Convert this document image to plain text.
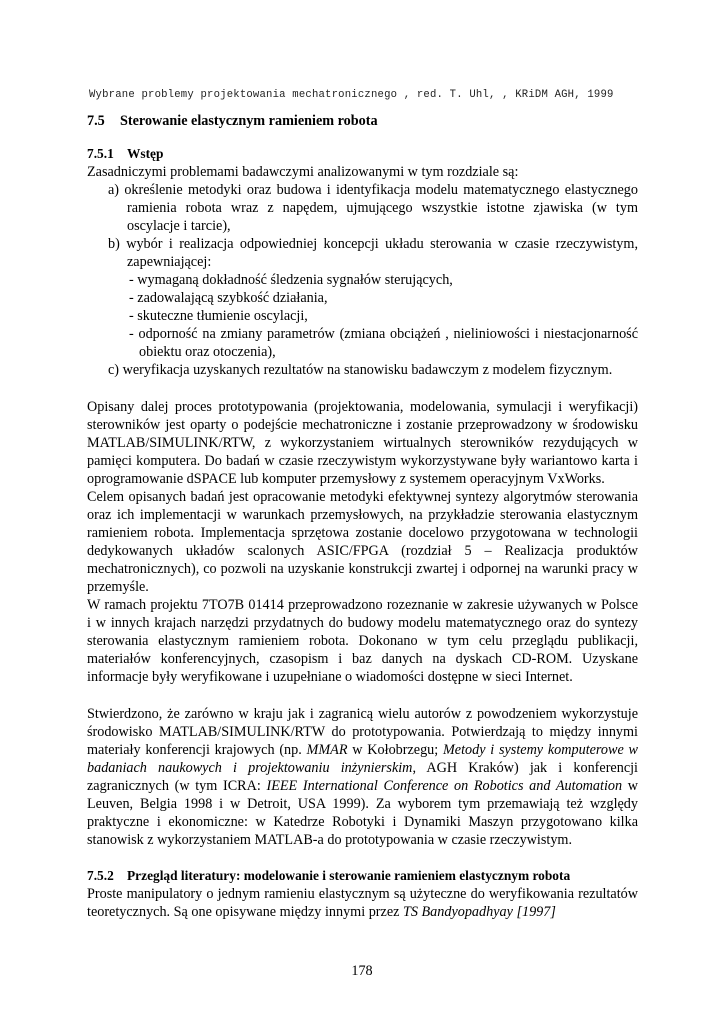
Wybrane problemy projektowania mechatronicznego , red. T. Uhl, , KRiDM AGH, 1999
7.5 Sterowanie elastycznym ramieniem robota
7.5.1 Wstęp

Zasadniczymi problemami badawczymi analizowanymi w tym rozdziale są:

a) określenie metodyki oraz budowa i identyfikacja modelu matematycznego elastycznego ramienia robota wraz z napędem, ujmującego wszystkie istotne zjawiska (w tym oscylacje i tarcie),

b) wybór i realizacja odpowiedniej koncepcji układu sterowania w czasie rzeczywistym, zapewniającej:

- wymaganą dokładność śledzenia sygnałów sterujących,

- zadowalającą szybkość działania,

- skuteczne tłumienie oscylacji,

- odporność na zmiany parametrów (zmiana obciążeń , nieliniowości i niestacjonarność obiektu oraz otoczenia),

c) weryfikacja uzyskanych rezultatów na stanowisku badawczym z modelem fizycznym.

Opisany dalej proces prototypowania (projektowania, modelowania, symulacji i weryfikacji) sterowników jest oparty o podejście mechatroniczne i zostanie przeprowadzony w środowisku MATLAB/SIMULINK/RTW, z wykorzystaniem wirtualnych sterowników rezydujących w pamięci komputera. Do badań w czasie rzeczywistym wykorzystywane były wariantowo karta i oprogramowanie dSPACE lub komputer przemysłowy z systemem operacyjnym VxWorks.

Celem opisanych badań jest opracowanie metodyki efektywnej syntezy algorytmów sterowania oraz ich implementacji w warunkach przemysłowych, na przykładzie sterowania elastycznym ramieniem robota. Implementacja sprzętowa zostanie docelowo przygotowana w technologii dedykowanych układów scalonych ASIC/FPGA (rozdział 5 – Realizacja produktów mechatronicznych), co pozwoli na uzyskanie konstrukcji zwartej i odpornej na warunki pracy w przemyśle.

W ramach projektu 7TO7B 01414 przeprowadzono rozeznanie w zakresie używanych w Polsce i w innych krajach narzędzi przydatnych do budowy modelu matematycznego oraz do syntezy sterowania elastycznym ramieniem robota. Dokonano w tym celu przeglądu publikacji, materiałów konferencyjnych, czasopism i baz danych na dyskach CD-ROM. Uzyskane informacje były weryfikowane i uzupełniane o wiadomości dostępne w sieci Internet.

Stwierdzono, że zarówno w kraju jak i zagranicą wielu autorów z powodzeniem wykorzystuje środowisko MATLAB/SIMULINK/RTW do prototypowania. Potwierdzają to między innymi materiały konferencji krajowych (np. MMAR w Kołobrzegu; Metody i systemy komputerowe w badaniach naukowych i projektowaniu inżynierskim, AGH Kraków) jak i konferencji zagranicznych (w tym ICRA: IEEE International Conference on Robotics and Automation w Leuven, Belgia 1998 i w Detroit, USA 1999). Za wyborem tym przemawiają też względy praktyczne i ekonomiczne: w Katedrze Robotyki i Dynamiki Maszyn przygotowano kilka stanowisk z wykorzystaniem MATLAB-a do prototypowania w czasie rzeczywistym.

7.5.2 Przegląd literatury: modelowanie i sterowanie ramieniem elastycznym robota

Proste manipulatory o jednym ramieniu elastycznym są użyteczne do weryfikowania rezultatów teoretycznych. Są one opisywane między innymi przez TS Bandyopadhyay [1997]

178
